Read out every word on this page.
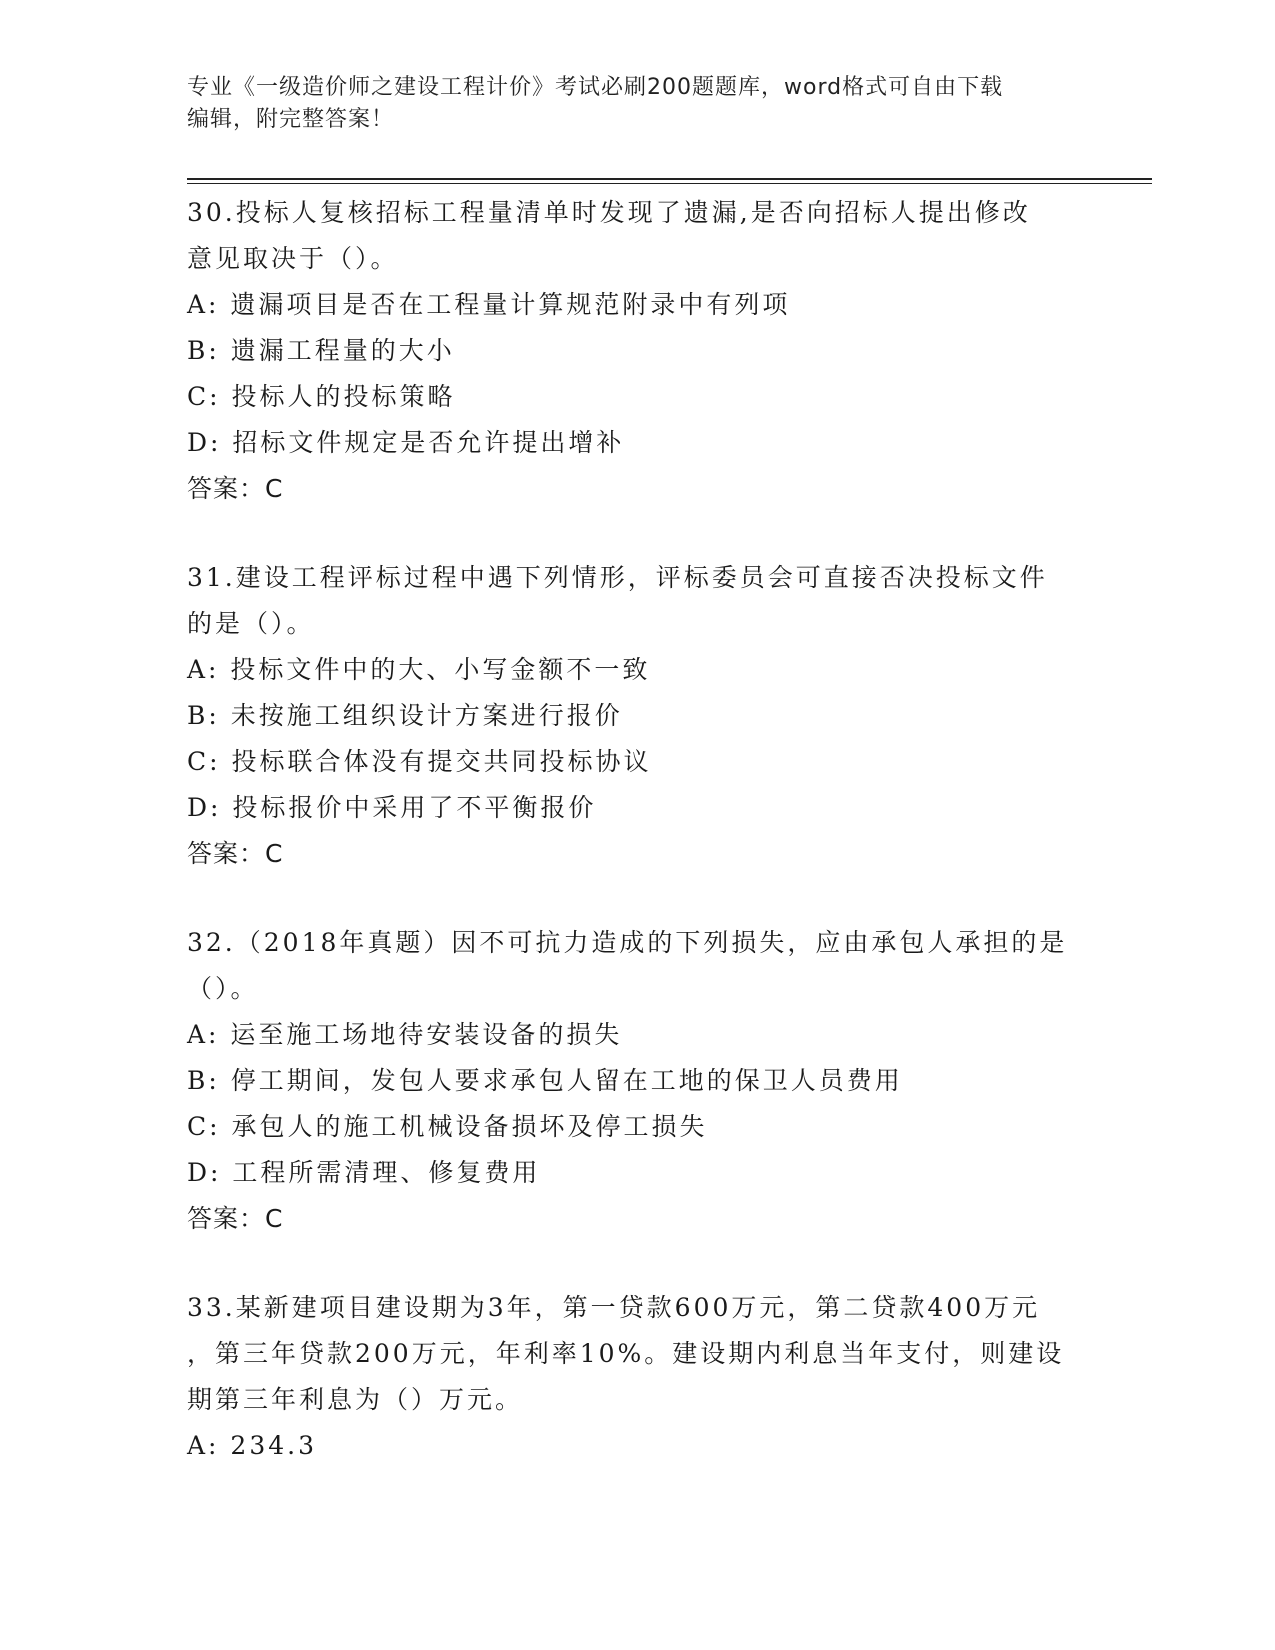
专业《一级造价师之建设工程计价》考试必刷200题题库，word格式可自由下载

编辑，附完整答案！

30.投标人复核招标工程量清单时发现了遗漏,是否向招标人提出修改

意见取决于（）。

A: 遗漏项目是否在工程量计算规范附录中有列项

B: 遗漏工程量的大小

C: 投标人的投标策略

D: 招标文件规定是否允许提出增补

答案：C

31.建设工程评标过程中遇下列情形，评标委员会可直接否决投标文件

的是（）。

A: 投标文件中的大、小写金额不一致

B: 未按施工组织设计方案进行报价

C: 投标联合体没有提交共同投标协议

D: 投标报价中采用了不平衡报价

答案：C

32.（2018年真题）因不可抗力造成的下列损失，应由承包人承担的是

（）。

A: 运至施工场地待安装设备的损失

B: 停工期间，发包人要求承包人留在工地的保卫人员费用

C: 承包人的施工机械设备损坏及停工损失

D: 工程所需清理、修复费用

答案：C

33.某新建项目建设期为3年，第一贷款600万元，第二贷款400万元

，第三年贷款200万元，年利率10%。建设期内利息当年支付，则建设

期第三年利息为（）万元。

A: 234.3
